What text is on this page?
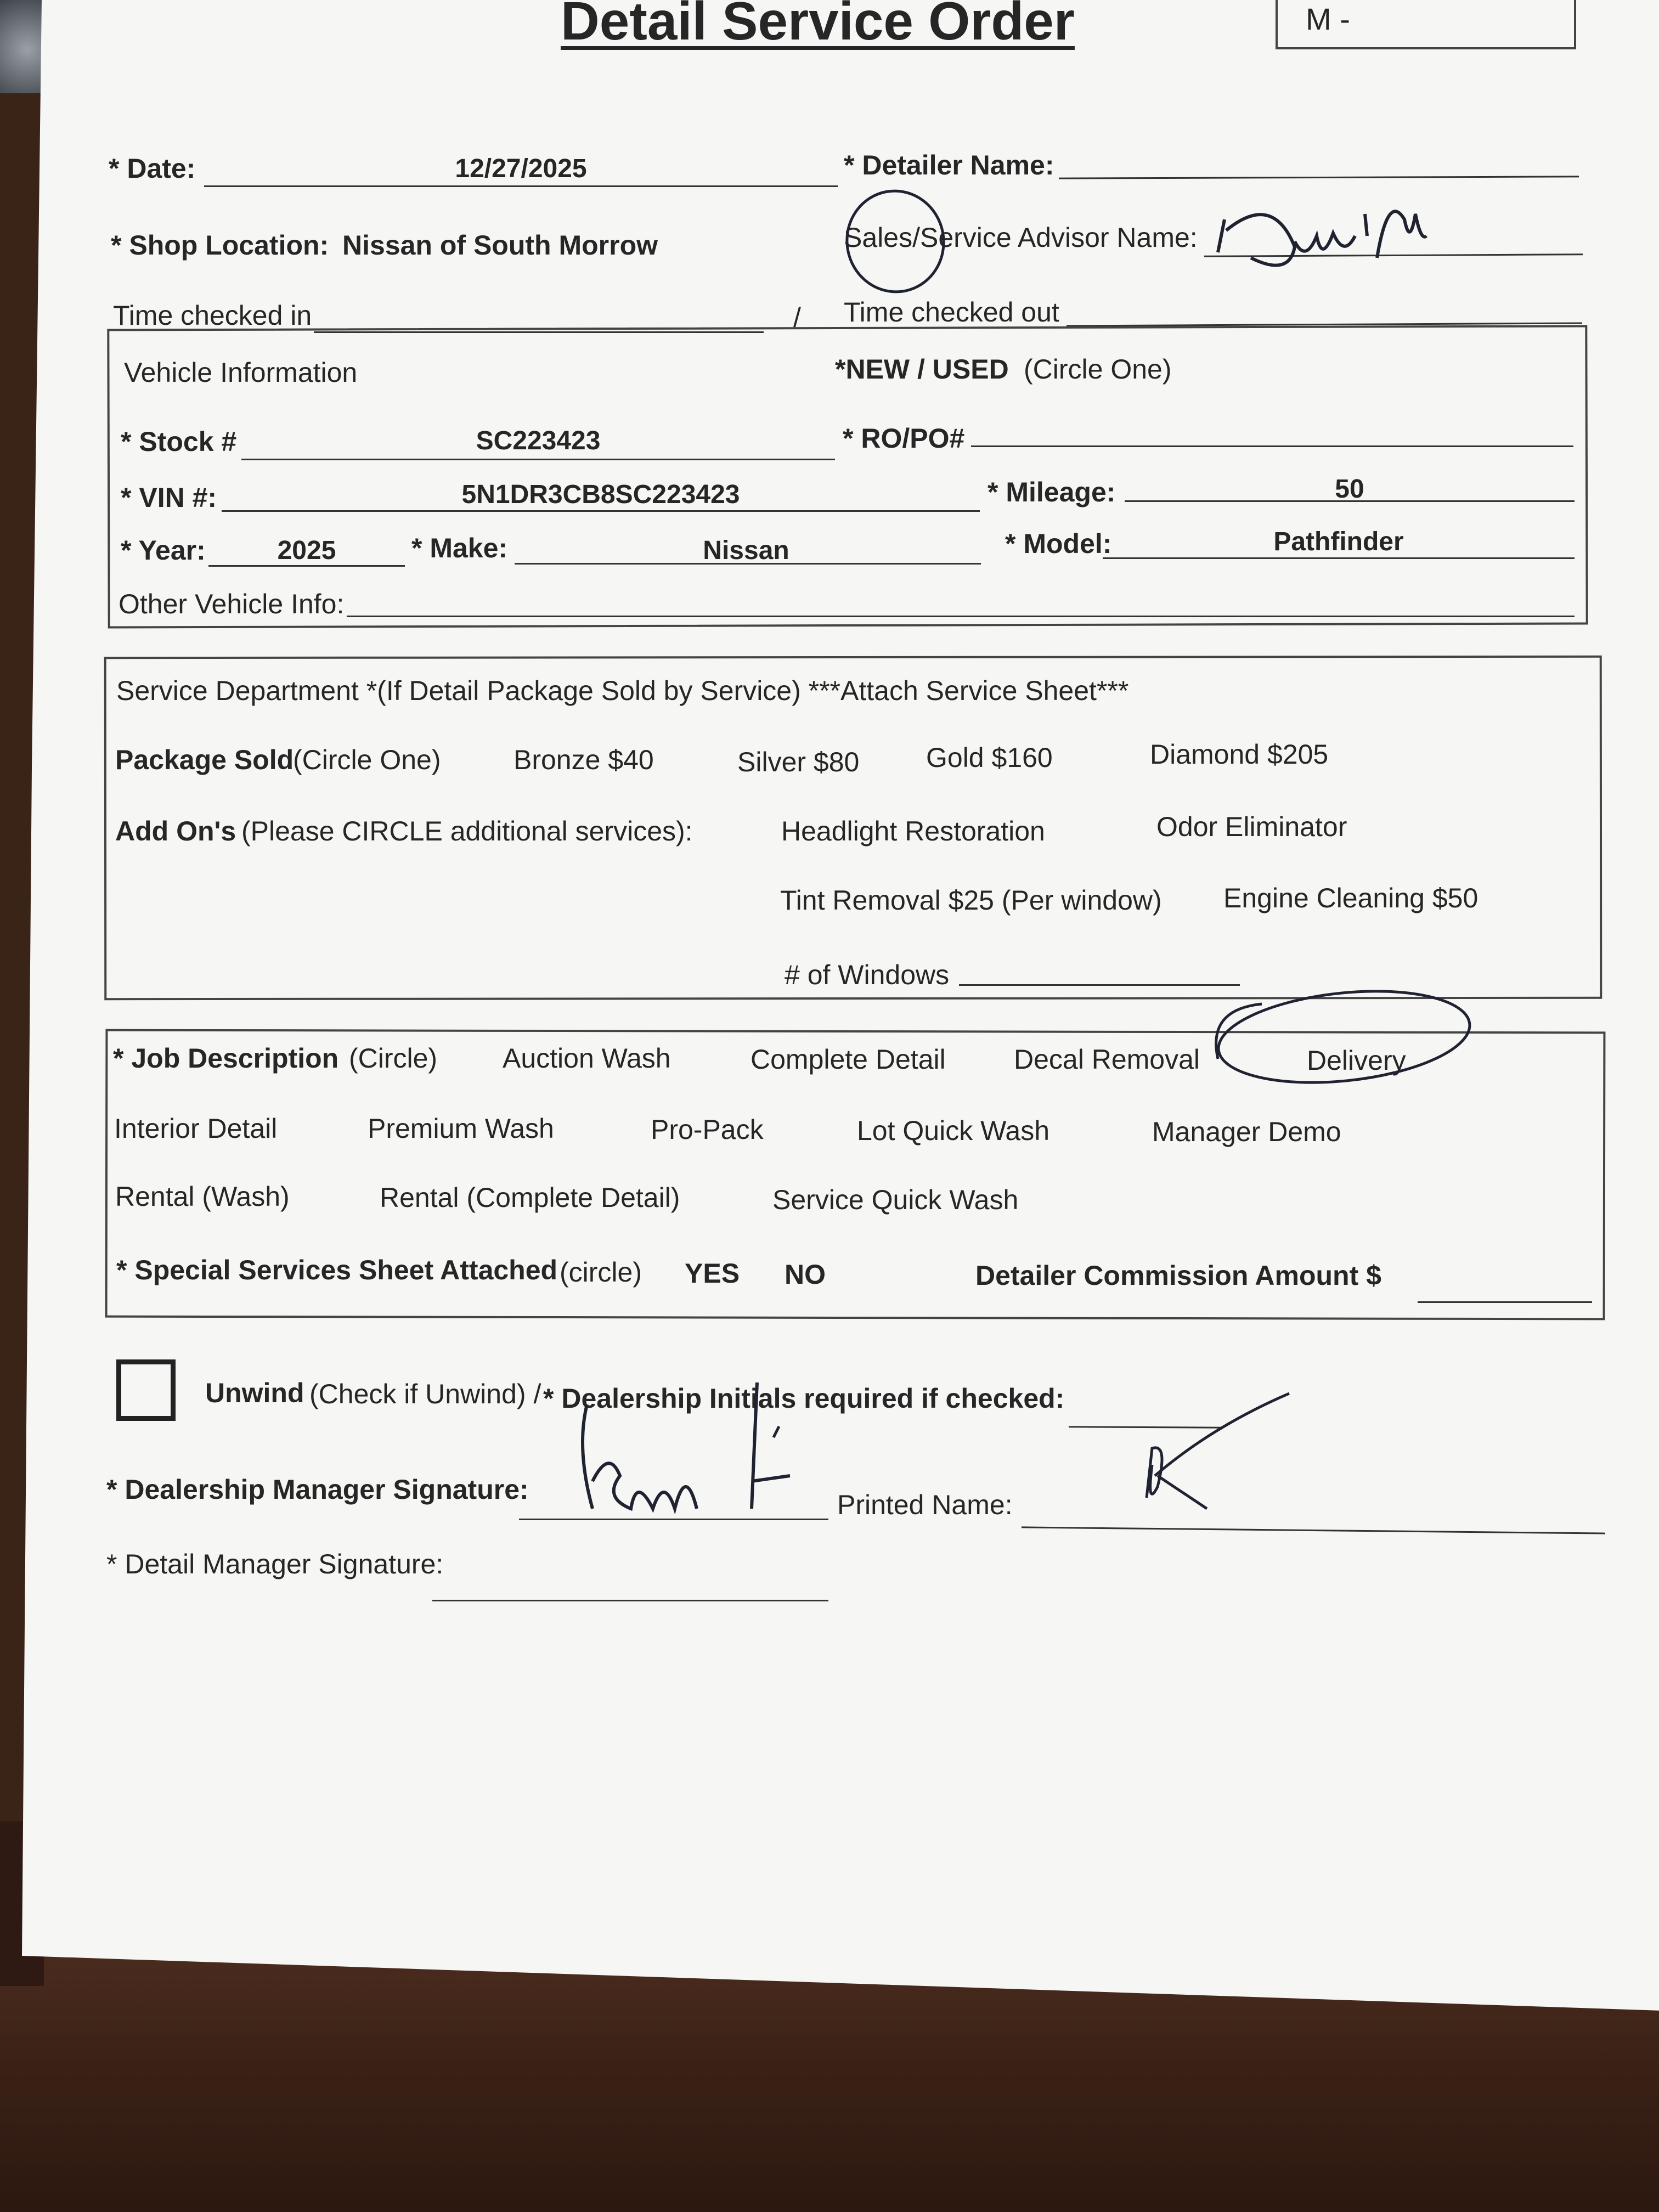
Detail Service Order	M -
* Date:	12/27/2025	* Detailer Name:
* Shop Location: Nissan of South Morrow	Sales/Service Advisor Name:
Time checked in	/ Time checked out
Vehicle Information	*NEW / USED (Circle One)
* Stock #	SC223423	* RO/PO#
* VIN #:	5N1DR3CB8SC223423	* Mileage:	50
* Year:	2025	* Make:	Nissan	* Model:	Pathfinder
Other Vehicle Info:
Service Department *(If Detail Package Sold by Service) ***Attach Service Sheet***
Package Sold
(Circle One)	Bronze $40	Silver $80 Gold $160	Diamond $205
Add On's (Please CIRCLE additional services):	Headlight Restoration	Odor Eliminator
Tint Removal $25 (Per window) Engine Cleaning $50
# of Windows
* Job Description (Circle) Auction Wash	Complete Detail Decal Removal	Delivery
Interior Detail	Premium Wash	Pro-Pack	Lot Quick Wash	Manager Demo
Rental (Wash)	Rental (Complete Detail)	Service Quick Wash
* Special Services Sheet Attached (circle) YES NO	Detailer Commission Amount $
Unwind (Check if Unwind) / * Dealership Initials required if checked:
* Dealership Manager Signature:	Printed Name:
* Detail Manager Signature:
